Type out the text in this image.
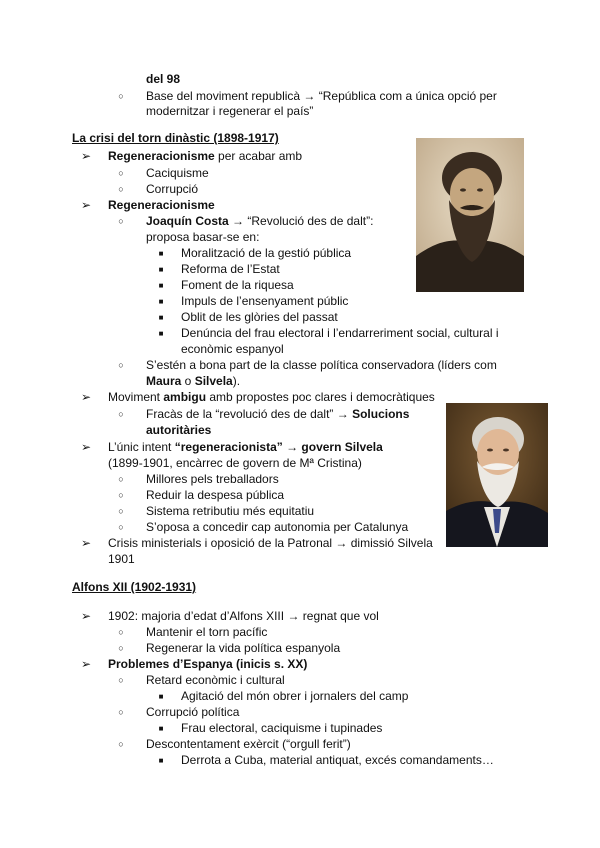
del 98
○ Base del moviment republicà → “República com a única opció per
modernitzar i regenerar el país”
La crisi del torn dinàstic (1898-1917)
➢ Regeneracionisme per acabar amb
○ Caciquisme
○ Corrupció
➢ Regeneracionisme
○ Joaquín Costa → “Revolució des de dalt”:
proposa basar-se en:
■ Moralització de la gestió pública
■ Reforma de l’Estat
■ Foment de la riquesa
■ Impuls de l’ensenyament públic
■ Oblit de les glòries del passat
■ Denúncia del frau electoral i l’endarreriment social, cultural i
econòmic espanyol
○ S’estén a bona part de la classe política conservadora (líders com
Maura o Silvela).
➢ Moviment ambigu amb propostes poc clares i democràtiques
○ Fracàs de la “revolució des de dalt” → Solucions
autoritàries
➢ L’únic intent “regeneracionista” → govern Silvela
(1899-1901, encàrrec de govern de Mª Cristina)
○ Millores pels treballadors
○ Reduir la despesa pública
○ Sistema retributiu més equitatiu
○ S’oposa a concedir cap autonomia per Catalunya
➢ Crisis ministerials i oposició de la Patronal → dimissió Silvela
1901
Alfons XII (1902-1931)
➢ 1902: majoria d’edat d’Alfons XIII → regnat que vol
○ Mantenir el torn pacífic
○ Regenerar la vida política espanyola
➢ Problemes d’Espanya (inicis s. XX)
○ Retard econòmic i cultural
■ Agitació del món obrer i jornalers del camp
○ Corrupció política
■ Frau electoral, caciquisme i tupinades
○ Descontentament exèrcit (“orgull ferit”)
■ Derrota a Cuba, material antiquat, excés comandaments…
